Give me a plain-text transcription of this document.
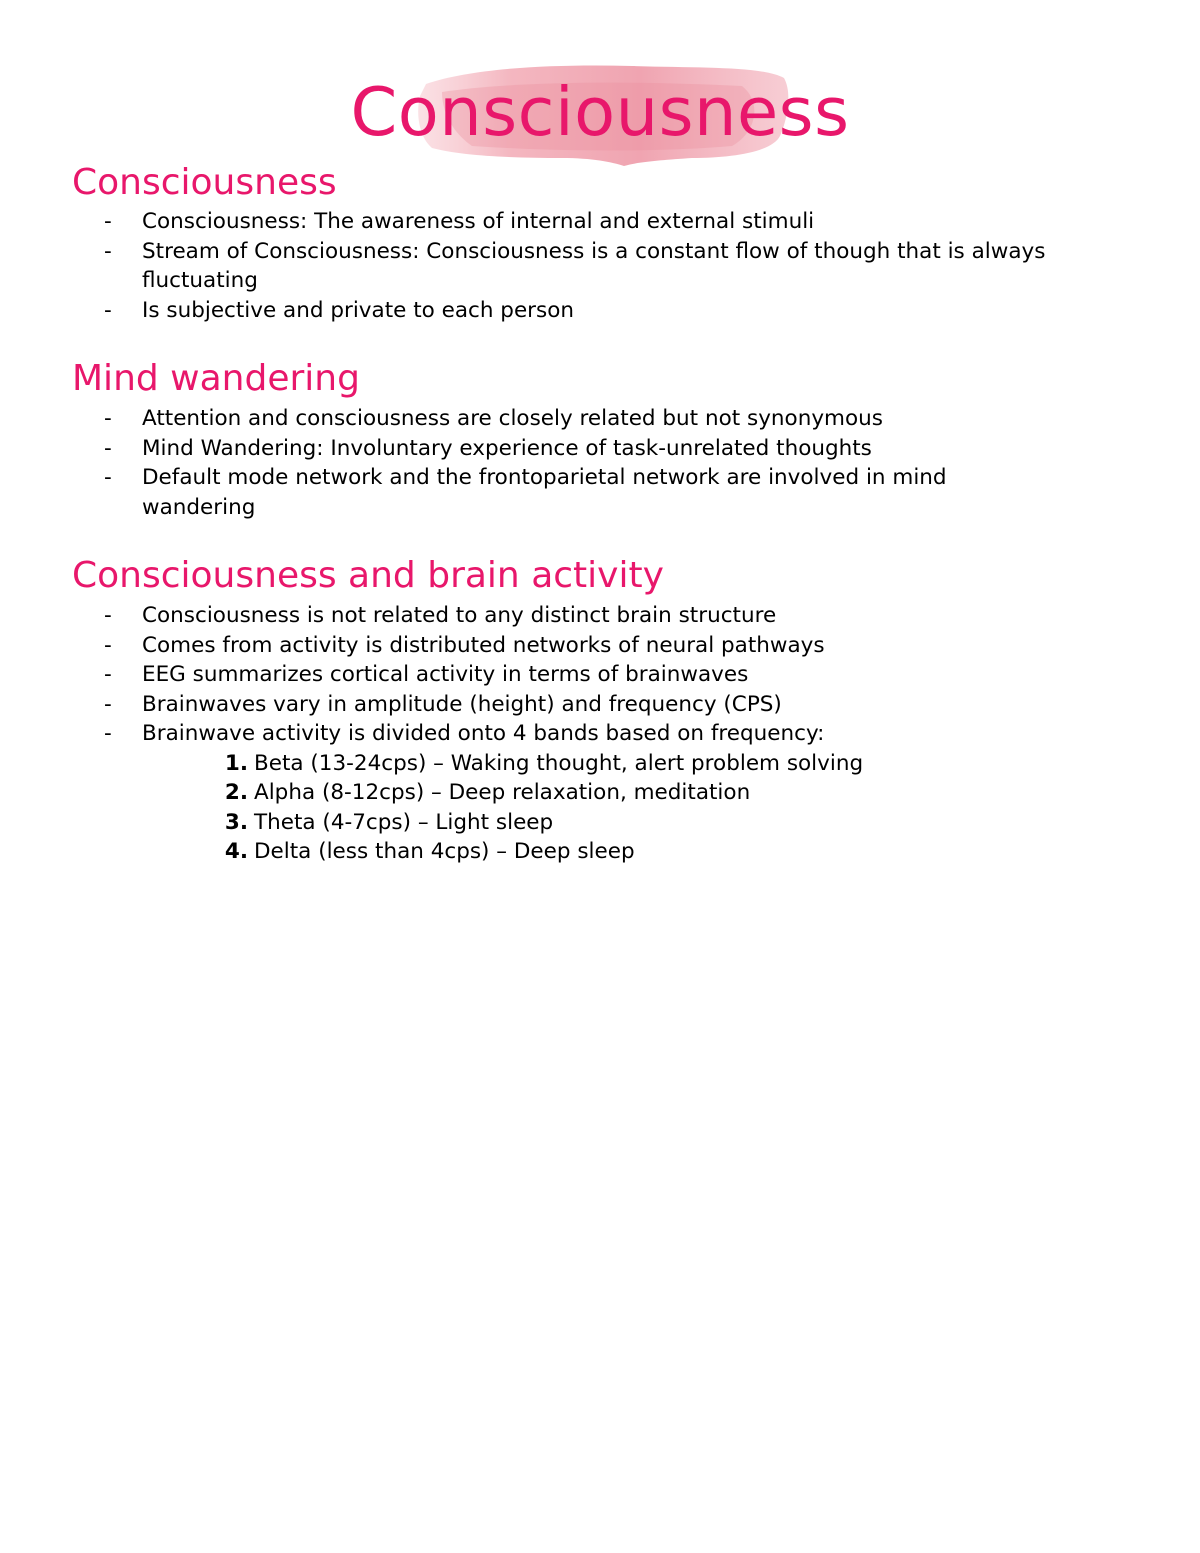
Consciousness
Consciousness
- Consciousness: The awareness of internal and external stimuli
- Stream of Consciousness: Consciousness is a constant flow of though that is always fluctuating
- Is subjective and private to each person
Mind wandering
- Attention and consciousness are closely related but not synonymous
- Mind Wandering: Involuntary experience of task-unrelated thoughts
- Default mode network and the frontoparietal network are involved in mind wandering
Consciousness and brain activity
- Consciousness is not related to any distinct brain structure
- Comes from activity is distributed networks of neural pathways
- EEG summarizes cortical activity in terms of brainwaves
- Brainwaves vary in amplitude (height) and frequency (CPS)
- Brainwave activity is divided onto 4 bands based on frequency:
1. Beta (13-24cps) – Waking thought, alert problem solving
2. Alpha (8-12cps) – Deep relaxation, meditation
3. Theta (4-7cps) – Light sleep
4. Delta (less than 4cps) – Deep sleep
